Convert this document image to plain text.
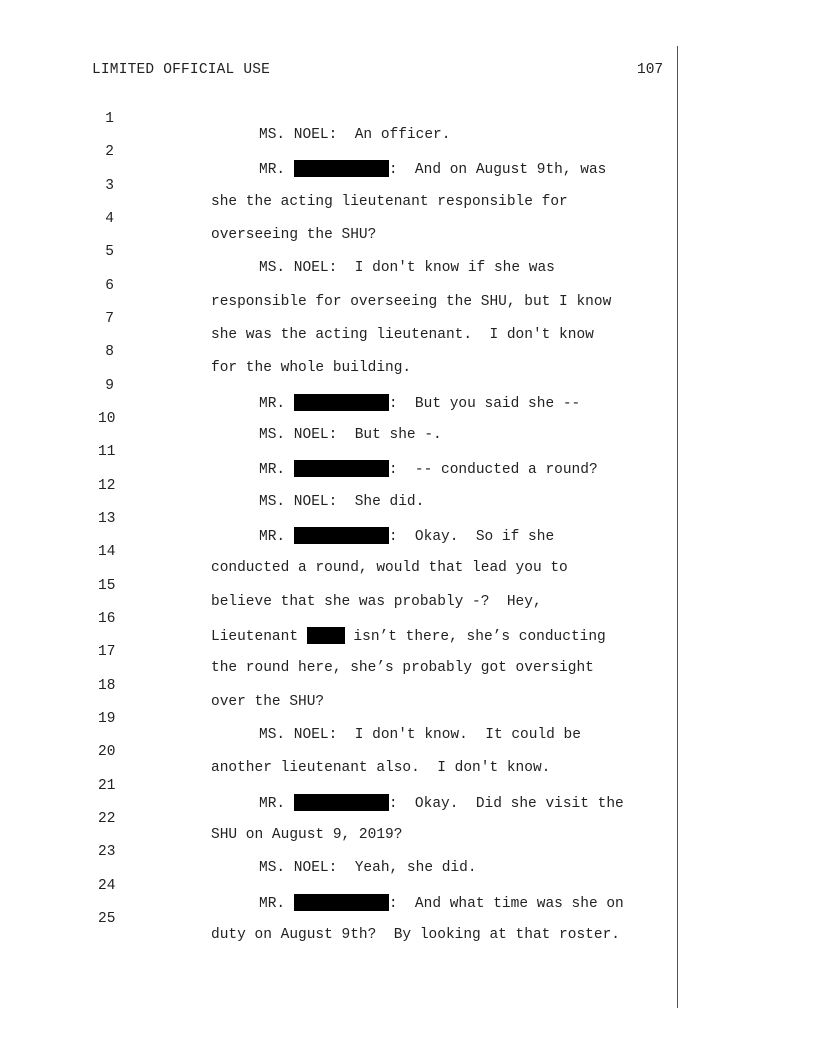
LIMITED OFFICIAL USE	107

1

MS. NOEL:  An officer.

2

MR.	:  And on August 9th, was

3

she the acting lieutenant responsible for

4

overseeing the SHU?

5

MS. NOEL:  I don't know if she was

6

responsible for overseeing the SHU, but I know

7

she was the acting lieutenant.  I don't know

8

for the whole building.

9

MR.	:  But you said she --

10

MS. NOEL:  But she -.

11

MR.	:  -- conducted a round?

12

MS. NOEL:  She did.

13

MR.	:  Okay.  So if she

14

conducted a round, would that lead you to

15

believe that she was probably -?  Hey,

16

Lieutenant	isn’t there, she’s conducting

17

the round here, she’s probably got oversight

18

over the SHU?

19

MS. NOEL:  I don't know.  It could be

20

another lieutenant also.  I don't know.

21

MR.	:  Okay.  Did she visit the

22

SHU on August 9, 2019?

23

MS. NOEL:  Yeah, she did.

24

MR.	:  And what time was she on

25

duty on August 9th?  By looking at that roster.
